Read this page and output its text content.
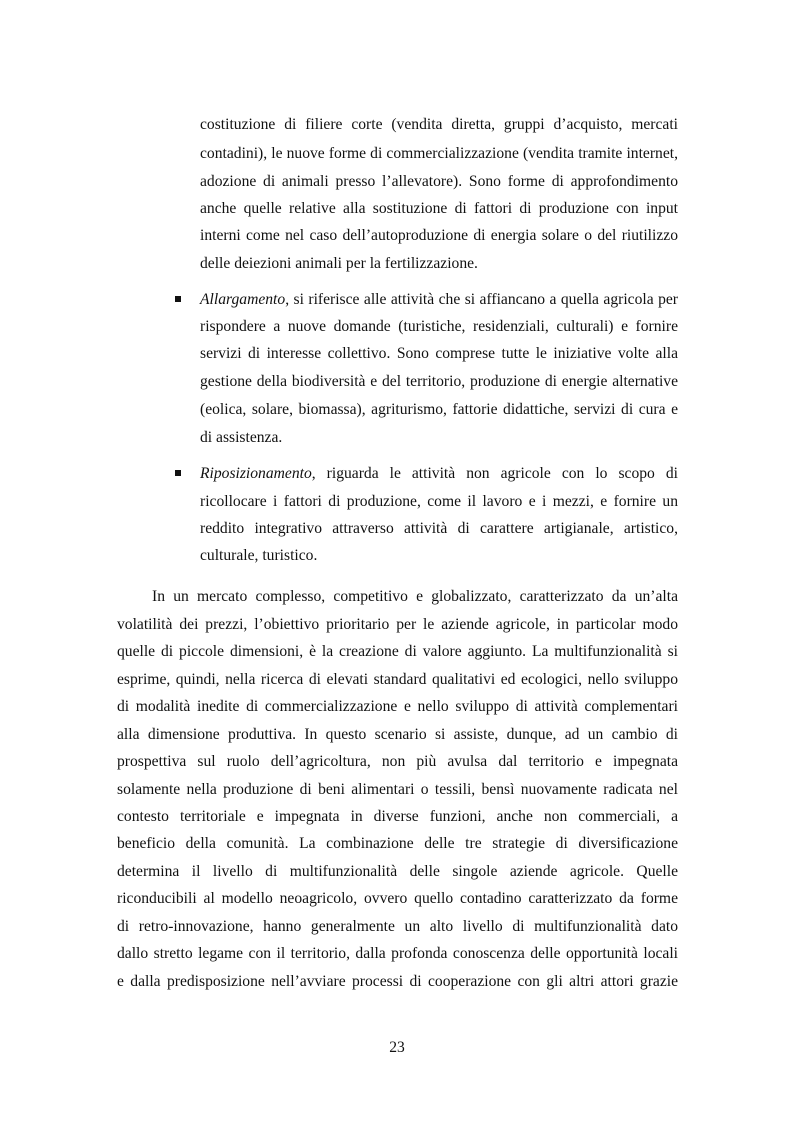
costituzione di filiere corte (vendita diretta, gruppi d’acquisto, mercati
contadini), le nuove forme di commercializzazione (vendita tramite internet,
adozione di animali presso l’allevatore). Sono forme di approfondimento
anche quelle relative alla sostituzione di fattori di produzione con input
interni come nel caso dell’autoproduzione di energia solare o del riutilizzo
delle deiezioni animali per la fertilizzazione.
Allargamento, si riferisce alle attività che si affiancano a quella agricola per
rispondere a nuove domande (turistiche, residenziali, culturali) e fornire
servizi di interesse collettivo. Sono comprese tutte le iniziative volte alla
gestione della biodiversità e del territorio, produzione di energie alternative
(eolica, solare, biomassa), agriturismo, fattorie didattiche, servizi di cura e
di assistenza.
Riposizionamento, riguarda le attività non agricole con lo scopo di
ricollocare i fattori di produzione, come il lavoro e i mezzi, e fornire un
reddito integrativo attraverso attività di carattere artigianale, artistico,
culturale, turistico.
In un mercato complesso, competitivo e globalizzato, caratterizzato da un’alta
volatilità dei prezzi, l’obiettivo prioritario per le aziende agricole, in particolar modo
quelle di piccole dimensioni, è la creazione di valore aggiunto. La multifunzionalità si
esprime, quindi, nella ricerca di elevati standard qualitativi ed ecologici, nello sviluppo
di modalità inedite di commercializzazione e nello sviluppo di attività complementari
alla dimensione produttiva. In questo scenario si assiste, dunque, ad un cambio di
prospettiva sul ruolo dell’agricoltura, non più avulsa dal territorio e impegnata
solamente nella produzione di beni alimentari o tessili, bensì nuovamente radicata nel
contesto territoriale e impegnata in diverse funzioni, anche non commerciali, a
beneficio della comunità. La combinazione delle tre strategie di diversificazione
determina il livello di multifunzionalità delle singole aziende agricole. Quelle
riconducibili al modello neoagricolo, ovvero quello contadino caratterizzato da forme
di retro-innovazione, hanno generalmente un alto livello di multifunzionalità dato
dallo stretto legame con il territorio, dalla profonda conoscenza delle opportunità locali
e dalla predisposizione nell’avviare processi di cooperazione con gli altri attori grazie
23
